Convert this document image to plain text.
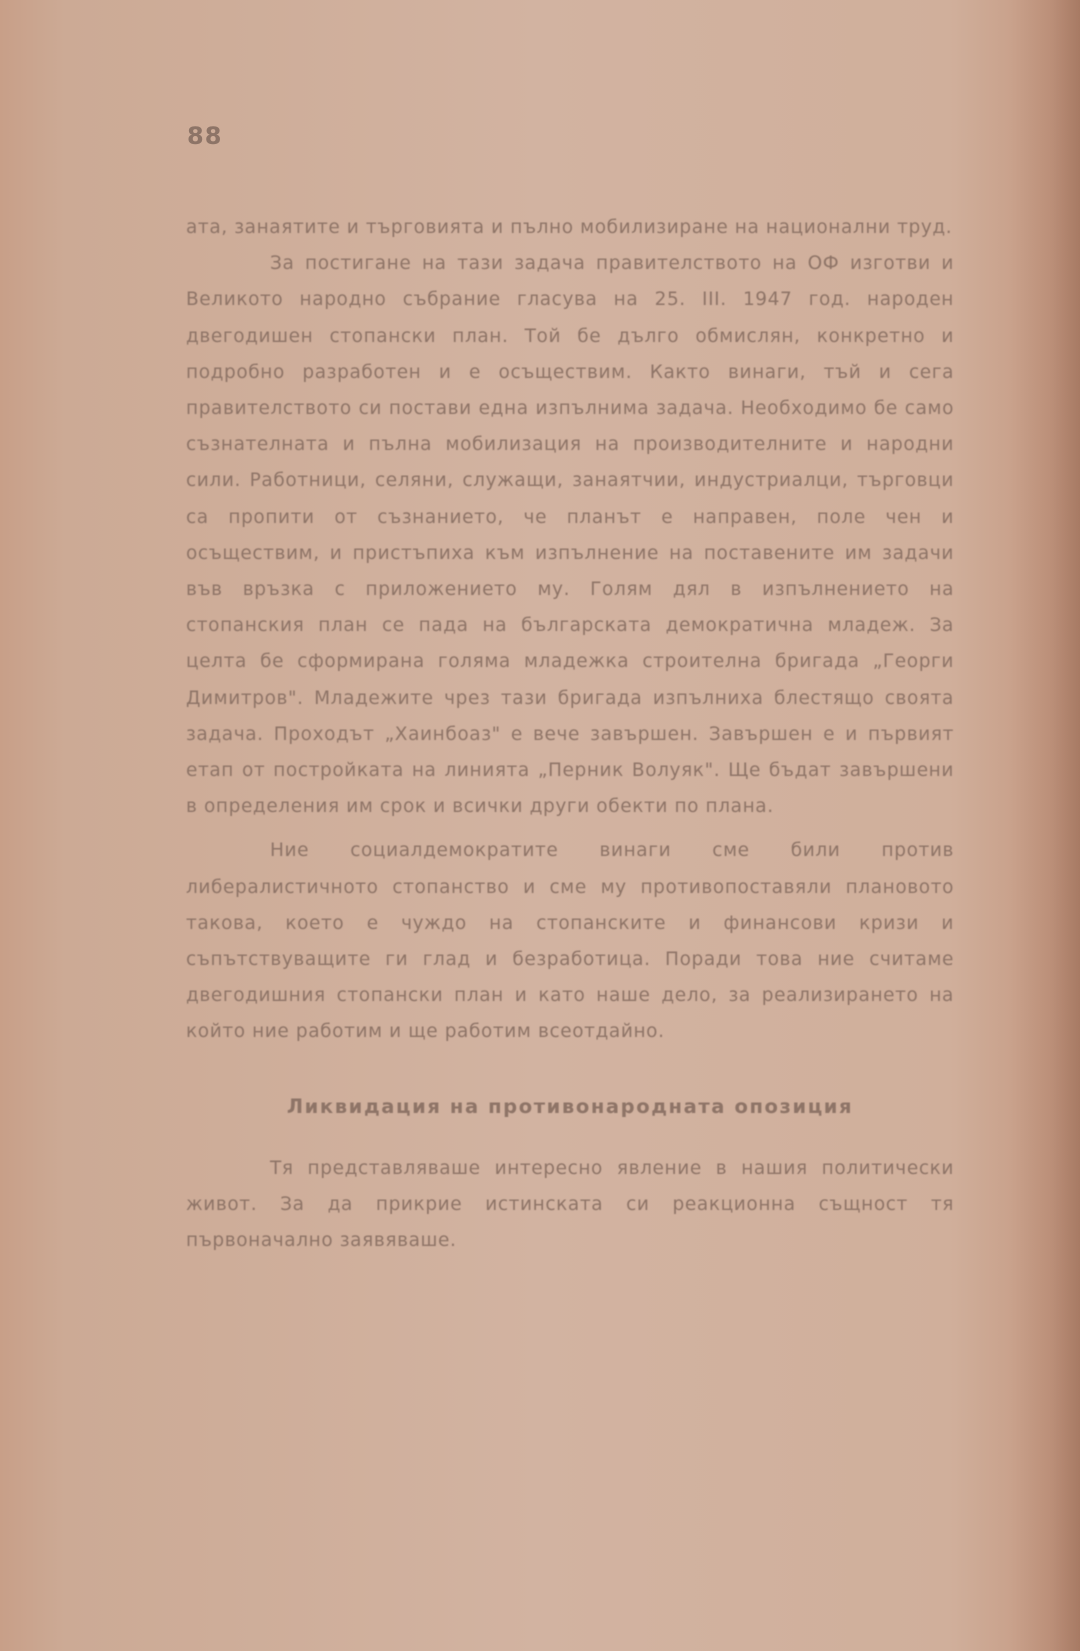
88

ата, занаятите и търговията и пълно мобилизиране на национални труд.

За постигане на тази задача правителството на ОФ изготви и Великото народно събрание гласува на 25. III. 1947 год. народен двегодишен стопански план. Той бе дълго обмислян, конкретно и подробно разработен и е осъществим. Както винаги, тъй и сега правителството си постави една изпълнима задача. Необходимо бе само съзнателната и пълна мобилизация на производителните и народни сили. Работници, селяни, служащи, занаятчии, индустриалци, търговци са пропити от съзнанието, че планът е направен, поле чен и осъществим, и пристъпиха към изпълнение на поставените им задачи във връзка с приложението му. Голям дял в изпълнението на стопанския план се пада на българската демократична младеж. За целта бе сформирана голяма младежка строителна бригада „Георги Димитров". Младежите чрез тази бригада изпълниха блестящо своята задача. Проходът „Хаинбоаз" е вече завършен. Завършен е и първият етап от постройката на линията „Перник Волуяк". Ще бъдат завършени в определения им срок и всички други обекти по плана.

Ние социалдемократите винаги сме били против либералистичното стопанство и сме му противопоставяли плановото такова, което е чуждо на стопанските и финансови кризи и съпътствуващите ги глад и безработица. Поради това ние считаме двегодишния стопански план и като наше дело, за реализирането на който ние работим и ще работим всеотдайно.

Ликвидация на противонародната опозиция

Тя представляваше интересно явление в нашия политически живот. За да прикрие истинската си реакционна същност тя първоначално заявяваше.
